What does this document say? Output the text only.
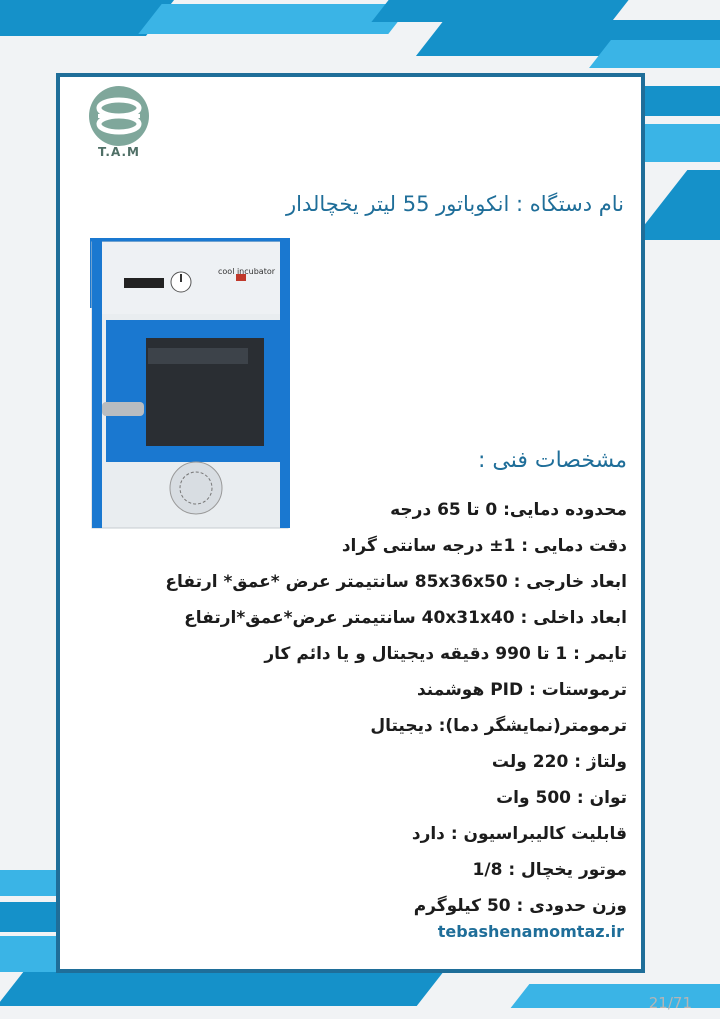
T.A.M
نام دستگاه : انکوباتور 55 لیتر یخچالدار
cool incubator
مشخصات فنی :
محدوده دمایی: 0 تا 65 درجه
دقت دمایی : 1± درجه سانتی گراد
ابعاد خارجی : 85x36x50 سانتیمتر عرض *عمق* ارتفاع
ابعاد داخلی : 40x31x40 سانتیمتر عرض*عمق*ارتفاع
تایمر : 1 تا 990 دقیقه دیجیتال و یا دائم کار
ترموستات : PID هوشمند
ترمومتر(نمایشگر دما): دیجیتال
ولتاژ : 220 ولت
توان : 500 وات
قابلیت کالیبراسیون : دارد
موتور یخچال : 1/8
وزن حدودی : 50 کیلوگرم
tebashenamomtaz.ir
21/71
